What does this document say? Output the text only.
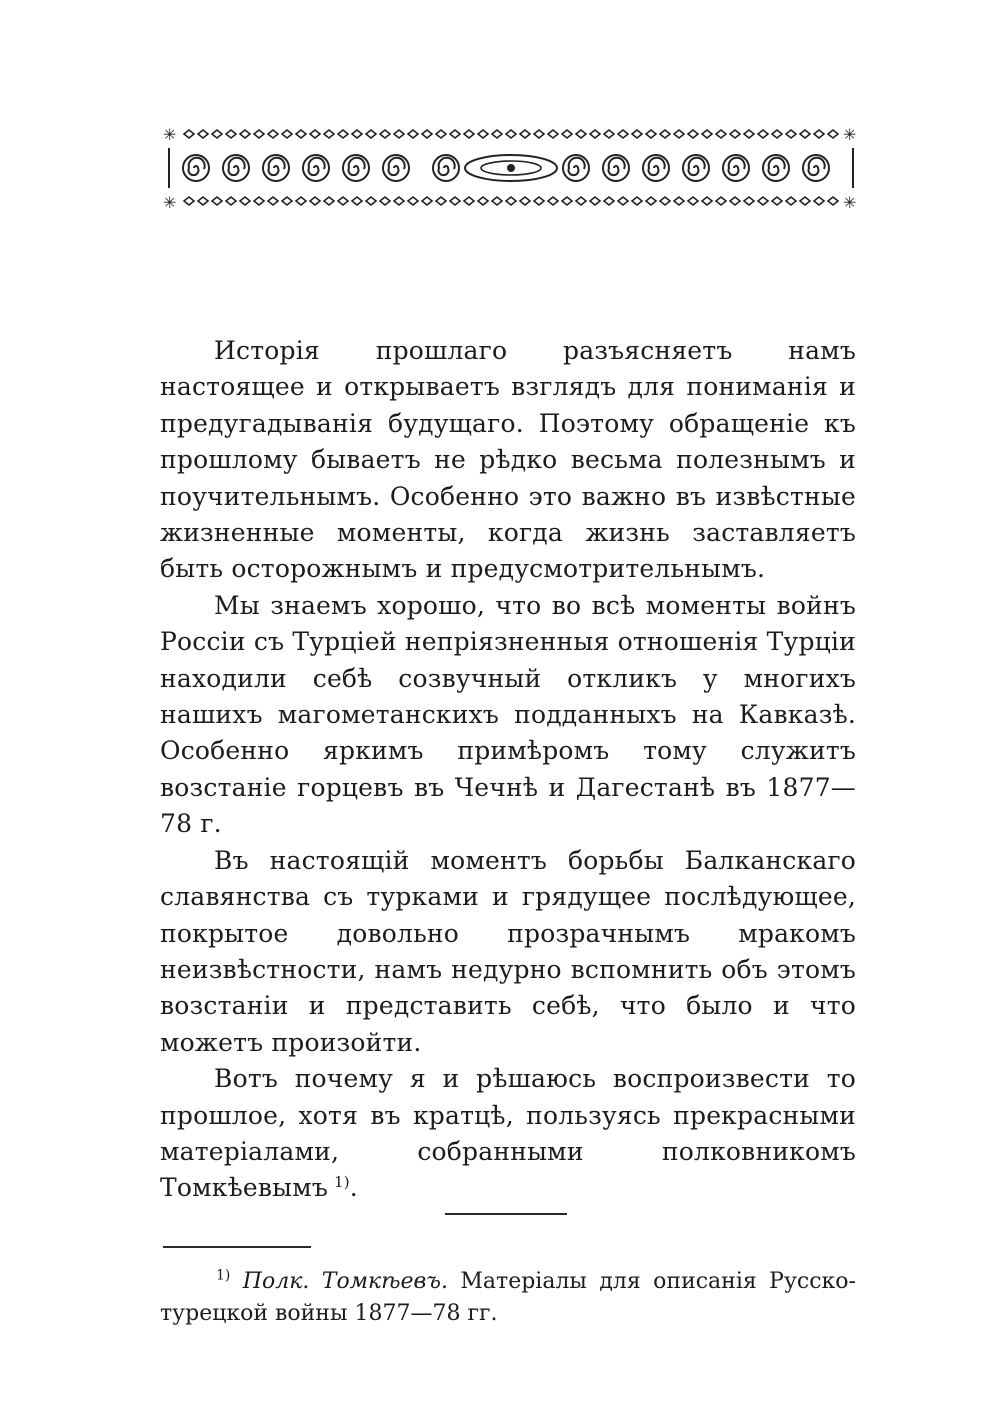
✳	✳
✳	✳

Исторія прошлаго разъясняетъ намъ настоящее и открываетъ взглядъ для пониманія и предугадыванія будущаго. Поэтому обращеніе къ прошлому бываетъ не рѣдко весьма полезнымъ и поучительнымъ. Особенно это важно въ извѣстные жизненные моменты, когда жизнь заставляетъ быть осторожнымъ и предусмотрительнымъ.

Мы знаемъ хорошо, что во всѣ моменты войнъ Россіи съ Турціей непріязненныя отношенія Турціи находили себѣ созвучный откликъ у многихъ нашихъ магометанскихъ подданныхъ на Кавказѣ. Особенно яркимъ примѣромъ тому служитъ возстаніе горцевъ въ Чечнѣ и Дагестанѣ въ 1877—78 г.

Въ настоящій моментъ борьбы Балканскаго славянства съ турками и грядущее послѣдующее, покрытое довольно прозрачнымъ мракомъ неизвѣстности, намъ недурно вспомнить объ этомъ возстаніи и представить себѣ, что было и что можетъ произойти.

Вотъ почему я и рѣшаюсь воспроизвести то прошлое, хотя въ кратцѣ, пользуясь прекрасными матеріалами, собранными полковникомъ Томкѣевымъ $^{1)}$.

$^{1)}$ Полк. Томкѣевъ. Матеріалы для описанія Русско-турецкой войны 1877—78 гг.
